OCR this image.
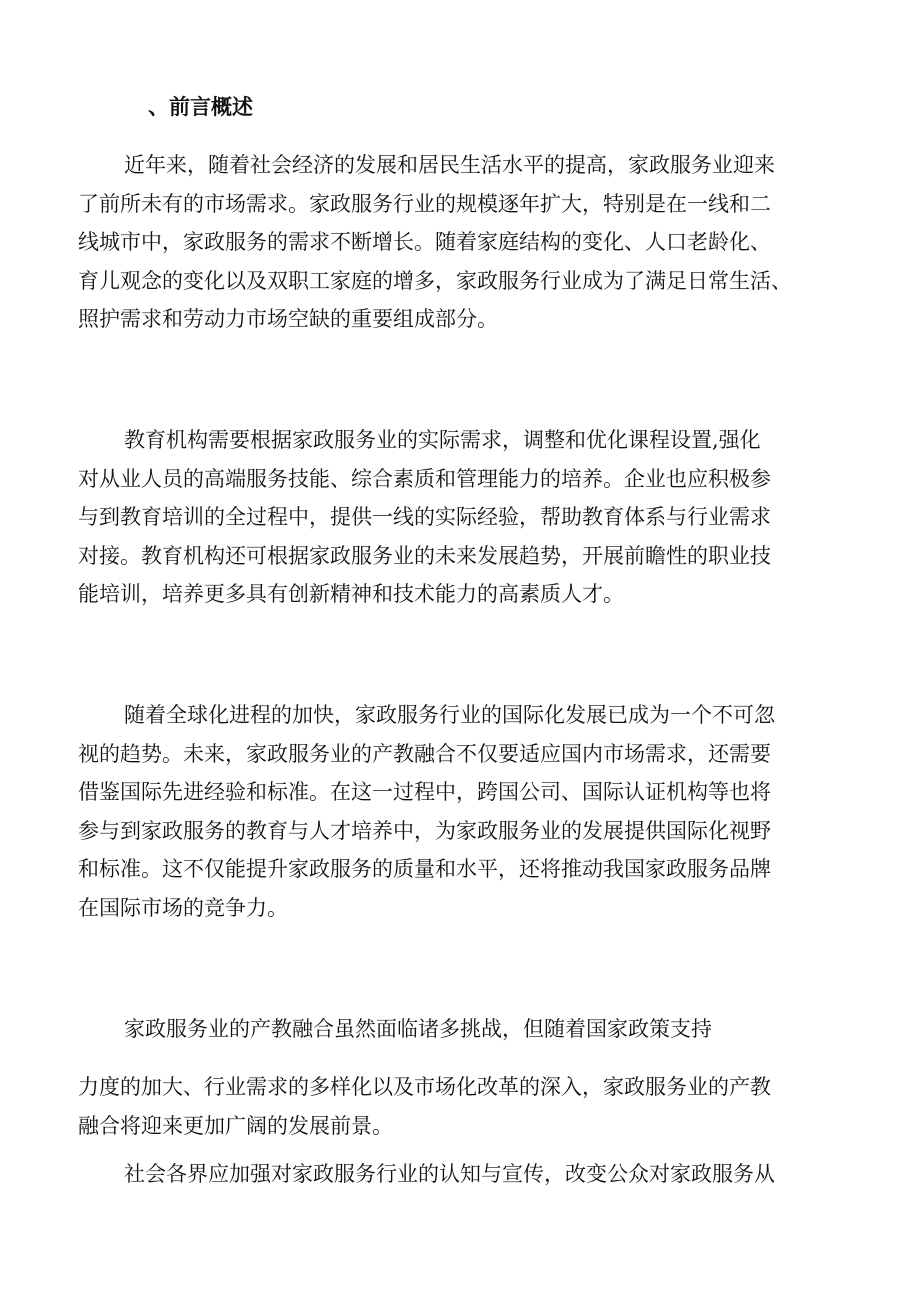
、前言概述
近年来，随着社会经济的发展和居民生活水平的提高，家政服务业迎来
了前所未有的市场需求。家政服务行业的规模逐年扩大，特别是在一线和二
线城市中，家政服务的需求不断增长。随着家庭结构的变化、人口老龄化、
育儿观念的变化以及双职工家庭的增多，家政服务行业成为了满足日常生活、
照护需求和劳动力市场空缺的重要组成部分。
教育机构需要根据家政服务业的实际需求，调整和优化课程设置,强化
对从业人员的高端服务技能、综合素质和管理能力的培养。企业也应积极参
与到教育培训的全过程中，提供一线的实际经验，帮助教育体系与行业需求
对接。教育机构还可根据家政服务业的未来发展趋势，开展前瞻性的职业技
能培训，培养更多具有创新精神和技术能力的高素质人才。
随着全球化进程的加快，家政服务行业的国际化发展已成为一个不可忽
视的趋势。未来，家政服务业的产教融合不仅要适应国内市场需求，还需要
借鉴国际先进经验和标准。在这一过程中，跨国公司、国际认证机构等也将
参与到家政服务的教育与人才培养中，为家政服务业的发展提供国际化视野
和标准。这不仅能提升家政服务的质量和水平，还将推动我国家政服务品牌
在国际市场的竞争力。
家政服务业的产教融合虽然面临诸多挑战，但随着国家政策支持
力度的加大、行业需求的多样化以及市场化改革的深入，家政服务业的产教
融合将迎来更加广阔的发展前景。
社会各界应加强对家政服务行业的认知与宣传，改变公众对家政服务从
